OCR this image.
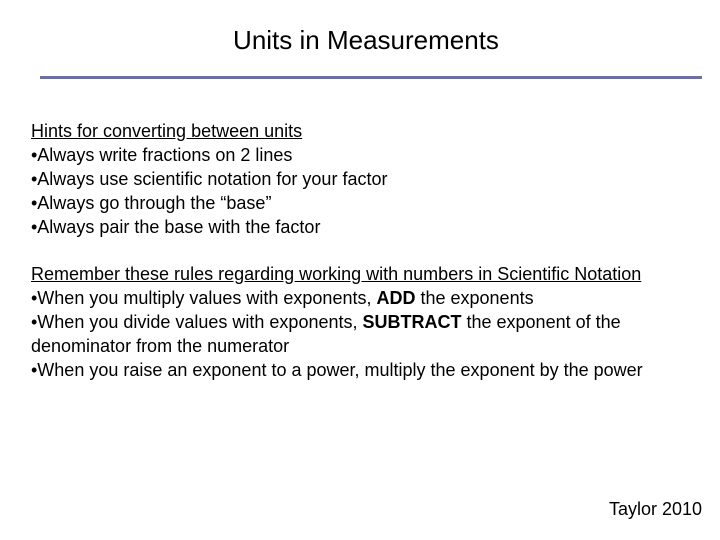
Units in Measurements
Hints for converting between units
•Always write fractions on 2 lines
•Always use scientific notation for your factor
•Always go through the “base”
•Always pair the base with the factor
Remember these rules regarding working with numbers in Scientific Notation
•When you multiply values with exponents, ADD the exponents
•When you divide values with exponents, SUBTRACT the exponent of the denominator from the numerator
•When you raise an exponent to a power, multiply the exponent by the power
Taylor 2010
